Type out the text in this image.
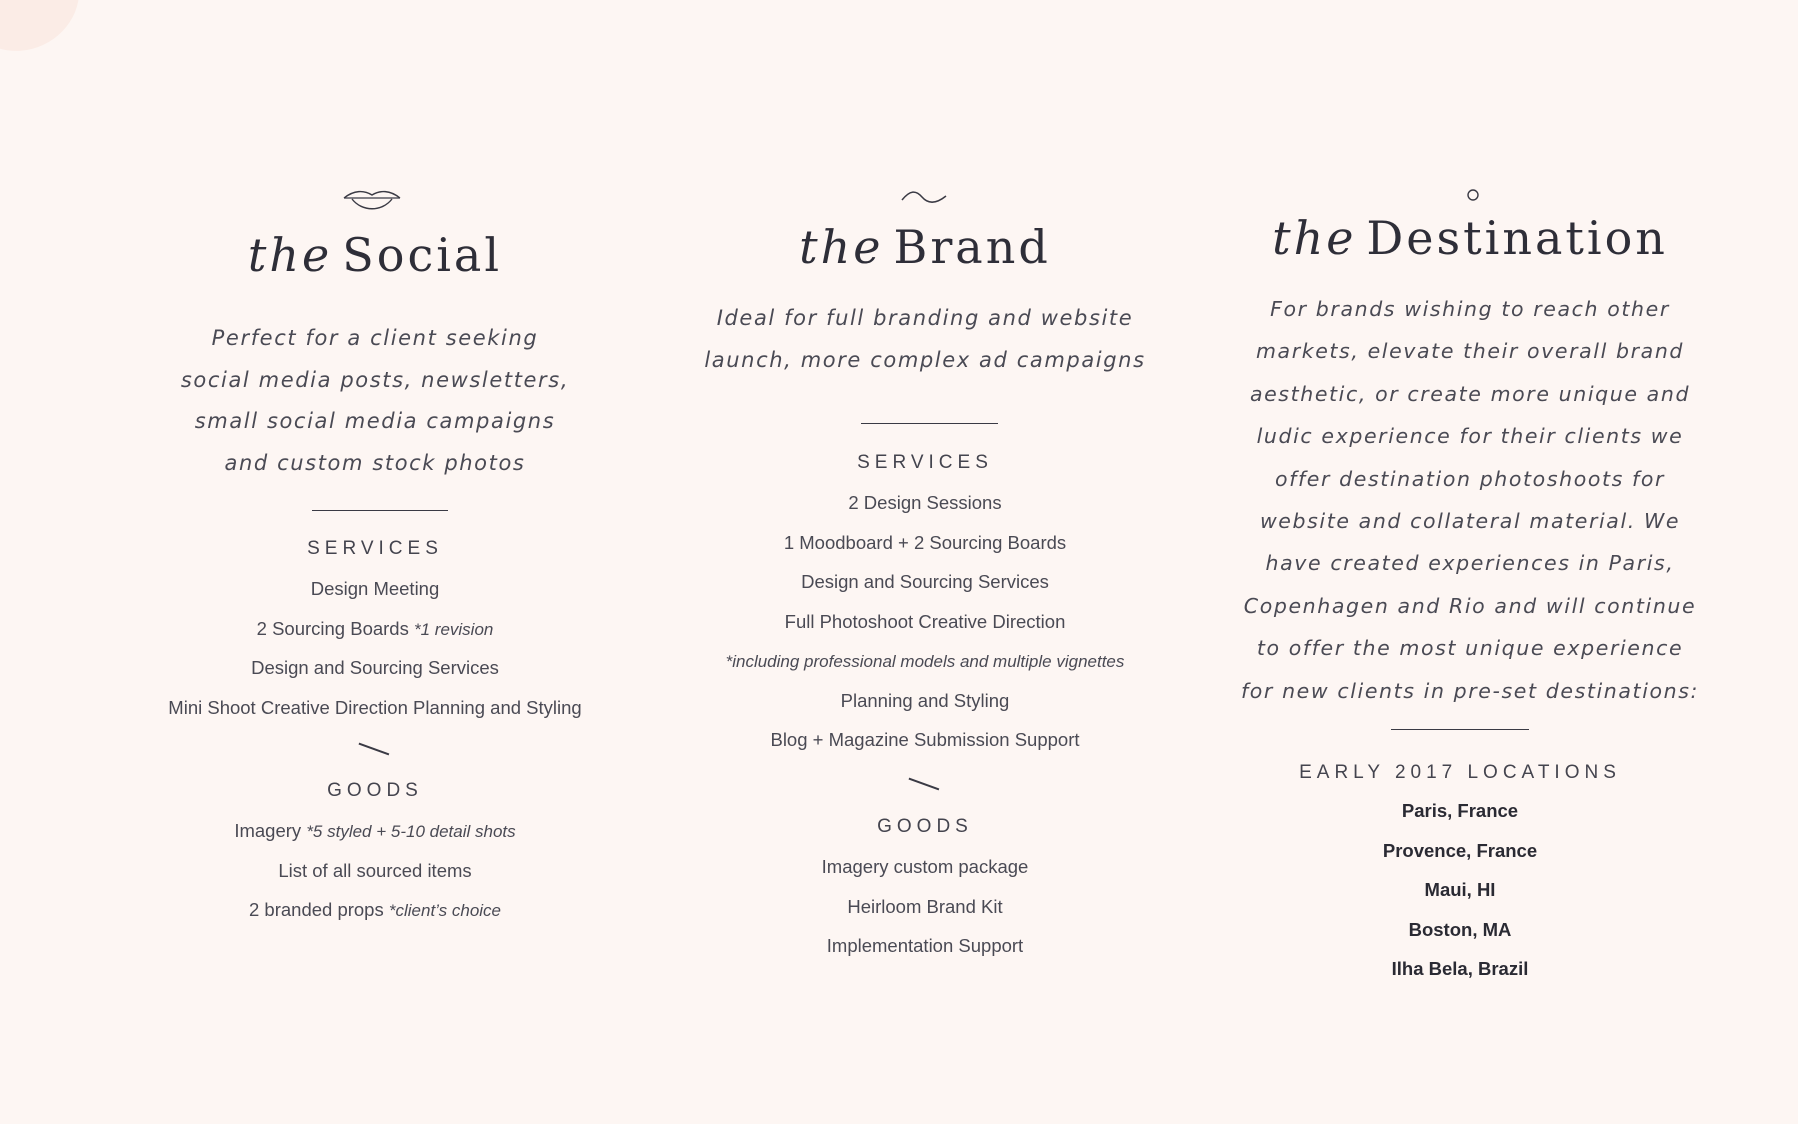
the Social
Perfect for a client seeking
social media posts, newsletters,
small social media campaigns
and custom stock photos
SERVICES
Design Meeting
2 Sourcing Boards *1 revision
Design and Sourcing Services
Mini Shoot Creative Direction Planning and Styling
GOODS
Imagery *5 styled + 5-10 detail shots
List of all sourced items
2 branded props *client’s choice
the Brand
Ideal for full branding and website
launch, more complex ad campaigns
SERVICES
2 Design Sessions
1 Moodboard + 2 Sourcing Boards
Design and Sourcing Services
Full Photoshoot Creative Direction
*including professional models and multiple vignettes
Planning and Styling
Blog + Magazine Submission Support
GOODS
Imagery custom package
Heirloom Brand Kit
Implementation Support
the Destination
For brands wishing to reach other
markets, elevate their overall brand
aesthetic, or create more unique and
ludic experience for their clients we
offer destination photoshoots for
website and collateral material. We
have created experiences in Paris,
Copenhagen and Rio and will continue
to offer the most unique experience
for new clients in pre-set destinations:
EARLY 2017 LOCATIONS
Paris, France
Provence, France
Maui, HI
Boston, MA
Ilha Bela, Brazil
